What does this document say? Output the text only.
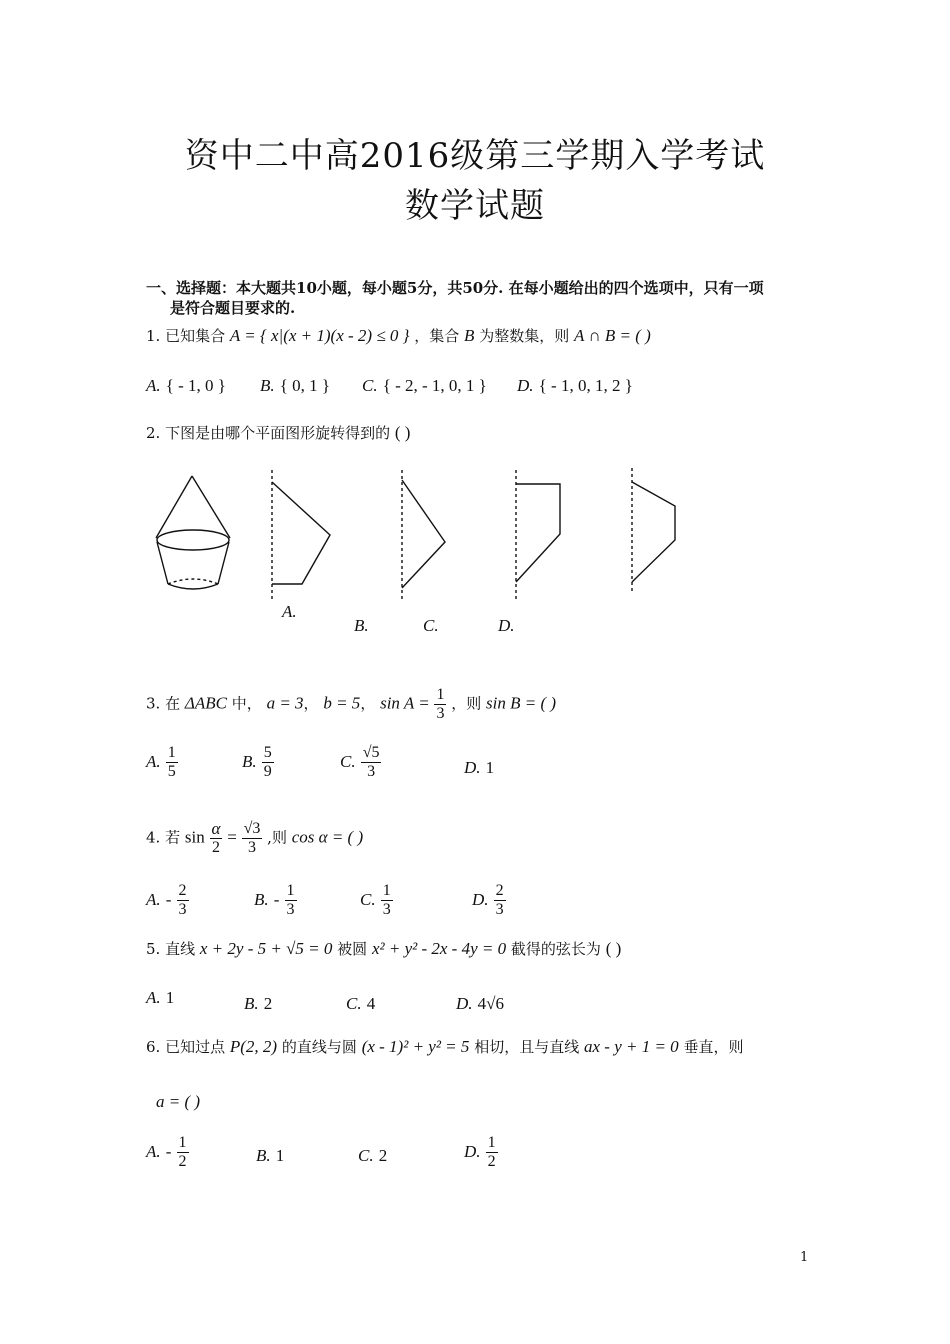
资中二中高2016级第三学期入学考试
数学试题
一、选择题：本大题共10小题，每小题5分，共50分. 在每小题给出的四个选项中，只有一项
是符合题目要求的.
1. 已知集合 A = { x|(x + 1)(x - 2) ≤ 0 } ，集合 B 为整数集，则 A ∩ B = ( )
A. { - 1, 0 } B. { 0, 1 } C. { - 2, - 1, 0, 1 } D. { - 1, 0, 1, 2 }
2. 下图是由哪个平面图形旋转得到的 ( )
A.
B.	C.	D.
3. 在 ΔABC 中， a = 3， b = 5， $\sin A = \frac{1}{3}$ ，则 sin B = ( )
A. $\frac{1}{5}$	B. $\frac{5}{9}$	C. $\frac{√5}{3}$	D. 1
4. 若 $\sin \frac{\alpha}{2} = \frac{√3}{3}$ ,则 cos α = ( )
A. - $\frac{2}{3}$	B. - $\frac{1}{3}$	C. $\frac{1}{3}$	D. $\frac{2}{3}$
5. 直线 x + 2y - 5 + √5 = 0 被圆 x² + y² - 2x - 4y = 0 截得的弦长为 ( )
A. 1	B. 2	C. 4	D. 4√6
6. 已知过点 P(2, 2) 的直线与圆 (x - 1)² + y² = 5 相切，且与直线 ax - y + 1 = 0 垂直，则
a = ( )
A. - $\frac{1}{2}$	B. 1	C. 2	D. $\frac{1}{2}$
1
